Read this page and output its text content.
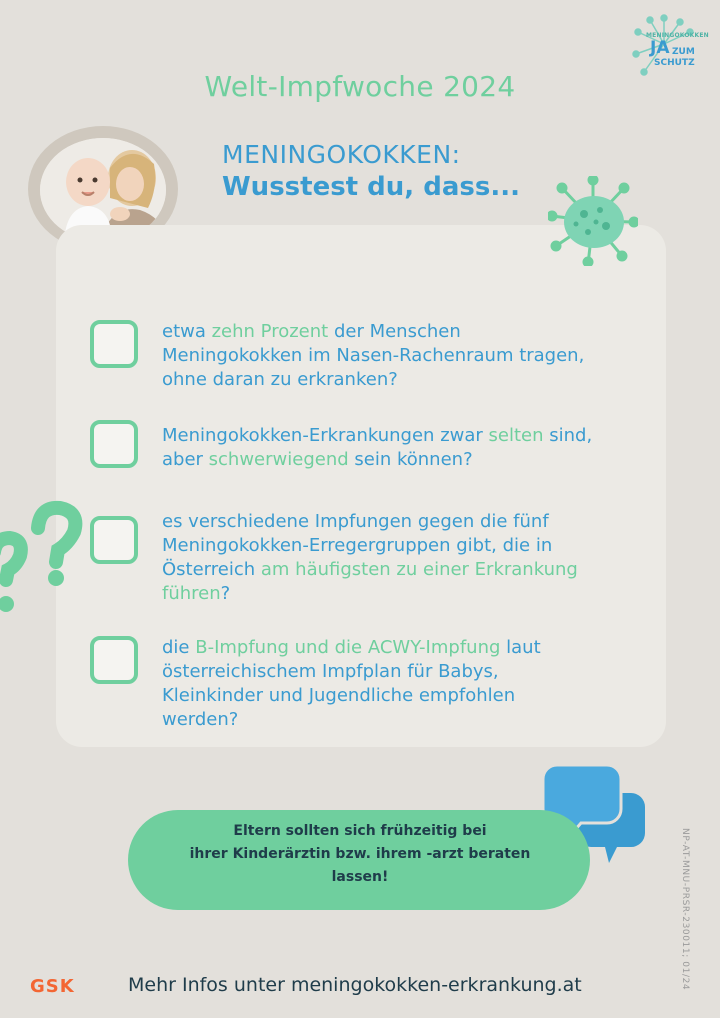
MENINGOKOKKEN
JA ZUM
SCHUTZ
Welt-Impfwoche 2024
MENINGOKOKKEN:
Wusstest du, dass...
etwa zehn Prozent der Menschen
Meningokokken im Nasen-Rachenraum tragen,
ohne daran zu erkranken?
Meningokokken-Erkrankungen zwar selten sind,
aber schwerwiegend sein können?
es verschiedene Impfungen gegen die fünf
Meningokokken-Erregergruppen gibt, die in
Österreich am häufigsten zu einer Erkrankung
führen?
die B-Impfung und die ACWY-Impfung laut
österreichischem Impfplan für Babys,
Kleinkinder und Jugendliche empfohlen
werden?
Eltern sollten sich frühzeitig bei
ihrer Kinderärztin bzw. ihrem -arzt beraten
lassen!	NP-AT-MNU-PRSR-230011; 01/24
GSK	Mehr Infos unter meningokokken-erkrankung.at
